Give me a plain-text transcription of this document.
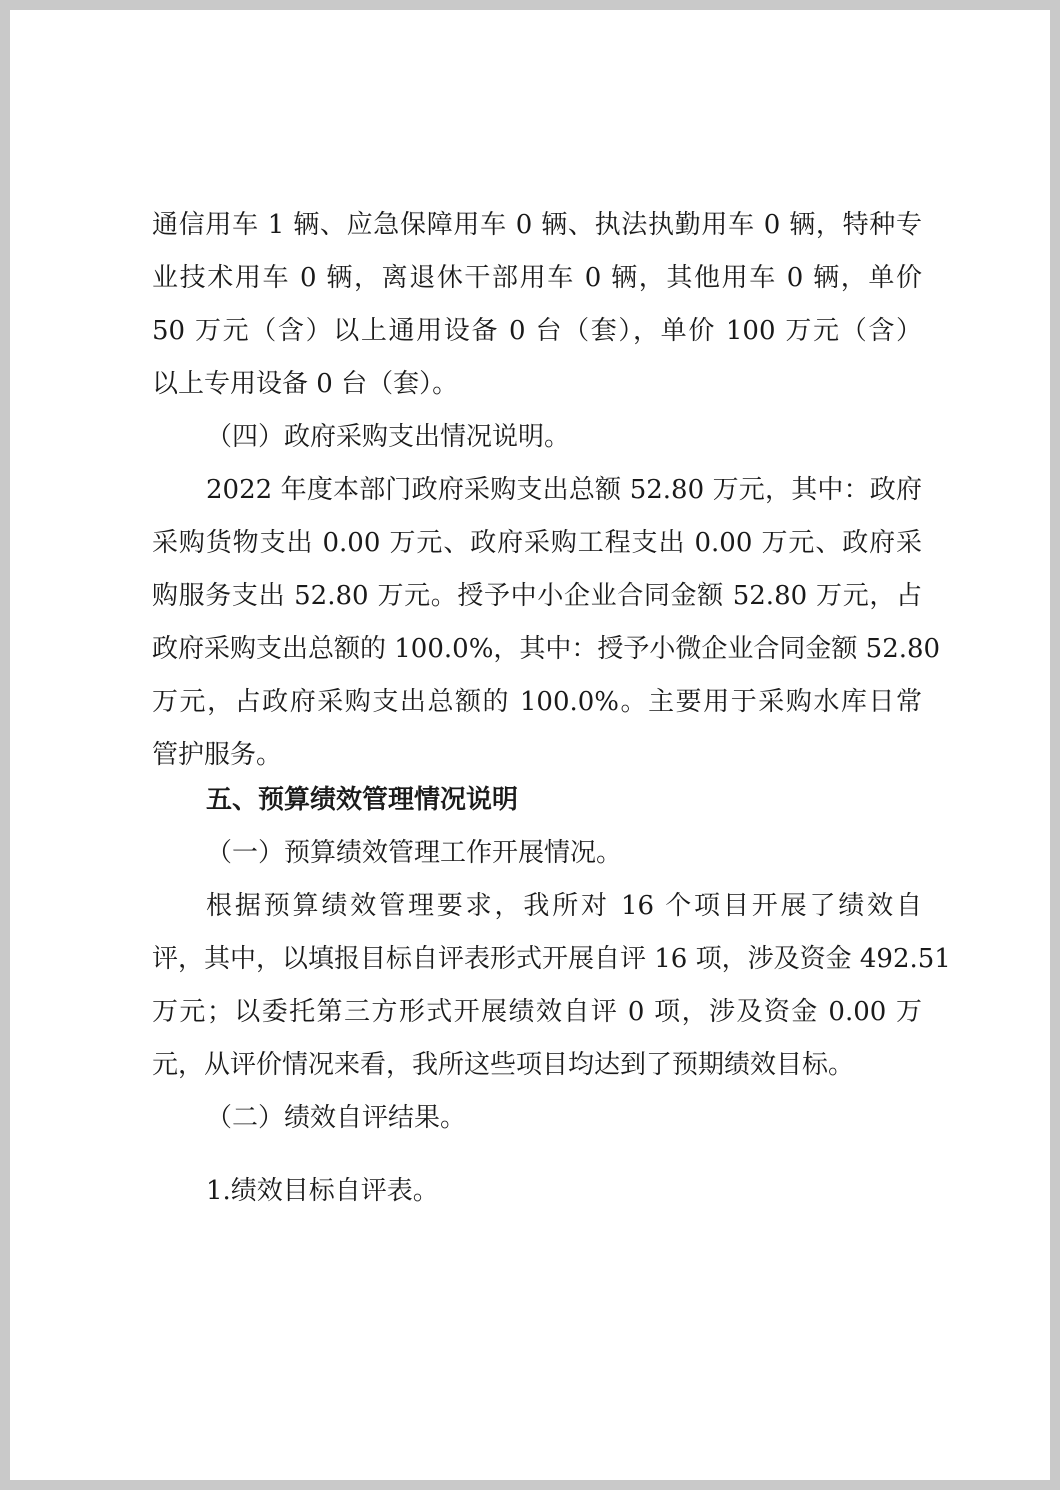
通信用车 1 辆、应急保障用车 0 辆、执法执勤用车 0 辆，特种专
业技术用车 0 辆，离退休干部用车 0 辆，其他用车 0 辆，单价
50 万元（含）以上通用设备 0 台（套），单价 100 万元（含）
以上专用设备 0 台（套）。
（四）政府采购支出情况说明。
2022 年度本部门政府采购支出总额 52.80 万元，其中：政府
采购货物支出 0.00 万元、政府采购工程支出 0.00 万元、政府采
购服务支出 52.80 万元。授予中小企业合同金额 52.80 万元，占
政府采购支出总额的 100.0%，其中：授予小微企业合同金额 52.80
万元，占政府采购支出总额的 100.0%。主要用于采购水库日常
管护服务。
五、预算绩效管理情况说明
（一）预算绩效管理工作开展情况。
根据预算绩效管理要求，我所对 16 个项目开展了绩效自
评，其中，以填报目标自评表形式开展自评 16 项，涉及资金 492.51
万元；以委托第三方形式开展绩效自评 0 项，涉及资金 0.00 万
元，从评价情况来看，我所这些项目均达到了预期绩效目标。
（二）绩效自评结果。
1.绩效目标自评表。
